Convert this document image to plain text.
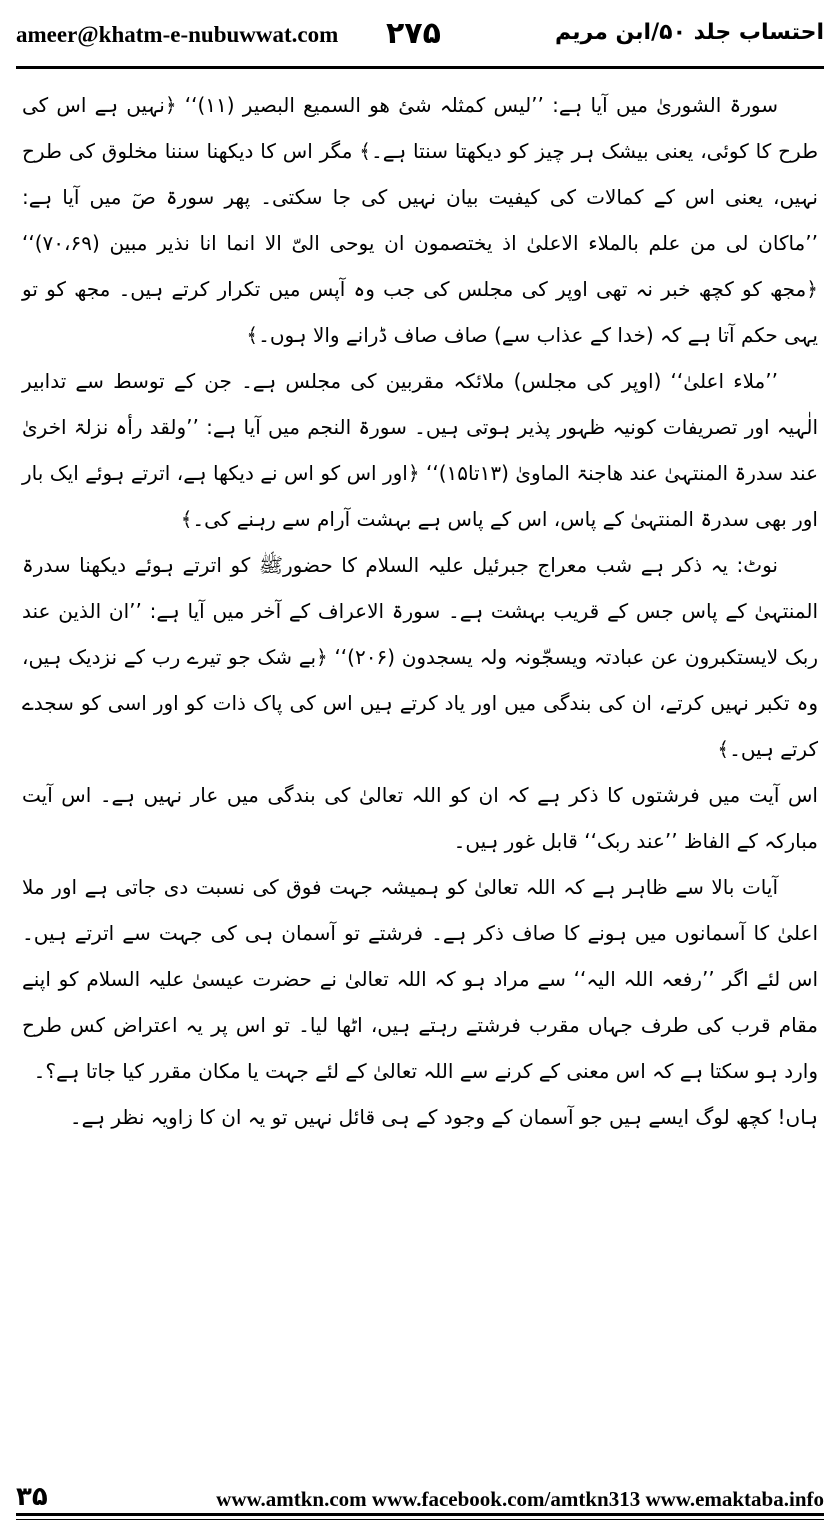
ameer@khatm-e-nubuwwat.com ۲۷۵	احتساب جلد ۵۰/ابن مریم

سورۃ الشوریٰ میں آیا ہے: ’’لیس کمثلہ شیٔ ھو السمیع البصیر (۱۱)‘‘ ﴿نہیں ہے اس کی طرح کا کوئی، یعنی بیشک ہر چیز کو دیکھتا سنتا ہے۔﴾ مگر اس کا دیکھنا سننا مخلوق کی طرح نہیں، یعنی اس کے کمالات کی کیفیت بیان نہیں کی جا سکتی۔ پھر سورۃ صٓ میں آیا ہے: ’’ماکان لی من علم بالملاء الاعلیٰ اذ یختصمون ان یوحی الیّ الا انما انا نذیر مبین (۷۰،۶۹)‘‘ ﴿مجھ کو کچھ خبر نہ تھی اوپر کی مجلس کی جب وہ آپس میں تکرار کرتے ہیں۔ مجھ کو تو یہی حکم آتا ہے کہ (خدا کے عذاب سے) صاف صاف ڈرانے والا ہوں۔﴾

’’ملاء اعلیٰ‘‘ (اوپر کی مجلس) ملائکہ مقربین کی مجلس ہے۔ جن کے توسط سے تدابیر الٰہیہ اور تصریفات کونیہ ظہور پذیر ہوتی ہیں۔ سورۃ النجم میں آیا ہے: ’’ولقد رأہ نزلۃ اخریٰ عند سدرۃ المنتہیٰ عند ھاجنۃ الماویٰ (۱۳تا۱۵)‘‘ ﴿اور اس کو اس نے دیکھا ہے، اترتے ہوئے ایک بار اور بھی سدرۃ المنتہیٰ کے پاس، اس کے پاس ہے بہشت آرام سے رہنے کی۔﴾

نوٹ: یہ ذکر ہے شب معراج جبرئیل علیہ السلام کا حضورﷺ کو اترتے ہوئے دیکھنا سدرۃ المنتہیٰ کے پاس جس کے قریب بہشت ہے۔ سورۃ الاعراف کے آخر میں آیا ہے: ’’ان الذین عند ربک لایستکبرون عن عبادتہ ویسجّونہ ولہ یسجدون (۲۰۶)‘‘ ﴿بے شک جو تیرے رب کے نزدیک ہیں، وہ تکبر نہیں کرتے، ان کی بندگی میں اور یاد کرتے ہیں اس کی پاک ذات کو اور اسی کو سجدے کرتے ہیں۔﴾

اس آیت میں فرشتوں کا ذکر ہے کہ ان کو اللہ تعالیٰ کی بندگی میں عار نہیں ہے۔ اس آیت مبارکہ کے الفاظ ’’عند ربک‘‘ قابل غور ہیں۔

آیات بالا سے ظاہر ہے کہ اللہ تعالیٰ کو ہمیشہ جہت فوق کی نسبت دی جاتی ہے اور ملا اعلیٰ کا آسمانوں میں ہونے کا صاف ذکر ہے۔ فرشتے تو آسمان ہی کی جہت سے اترتے ہیں۔ اس لئے اگر ’’رفعہ اللہ الیہ‘‘ سے مراد ہو کہ اللہ تعالیٰ نے حضرت عیسیٰ علیہ السلام کو اپنے مقام قرب کی طرف جہاں مقرب فرشتے رہتے ہیں، اٹھا لیا۔ تو اس پر یہ اعتراض کس طرح وارد ہو سکتا ہے کہ اس معنی کے کرنے سے اللہ تعالیٰ کے لئے جہت یا مکان مقرر کیا جاتا ہے؟۔

ہاں! کچھ لوگ ایسے ہیں جو آسمان کے وجود کے ہی قائل نہیں تو یہ ان کا زاویہ نظر ہے۔

۳۵	www.amtkn.com www.facebook.com/amtkn313 www.emaktaba.info
